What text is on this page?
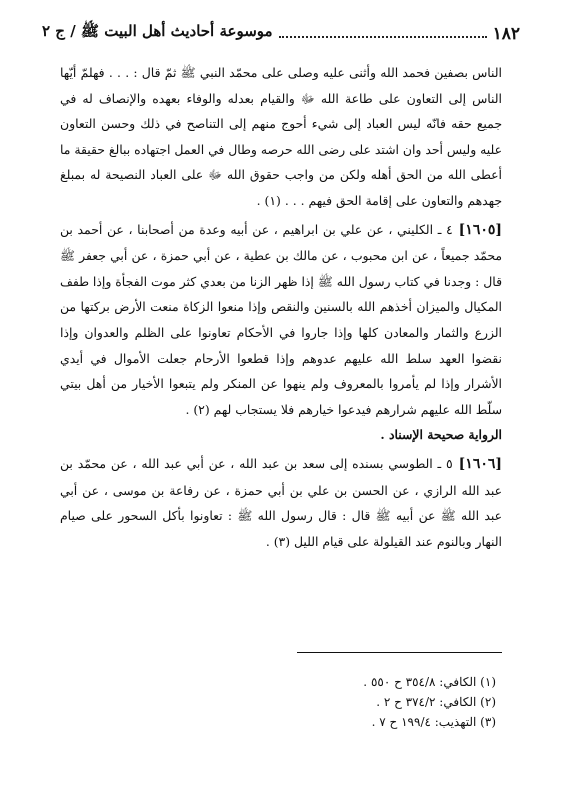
١٨٢
موسوعة أحاديث أهل البيت ﷺ / ج ٢

الناس بصفين فحمد الله وأثنى عليه وصلى على محمّد النبي ﷺ ثمّ قال : . . . فهلمّ أيّها الناس إلى التعاون على طاعة الله ﷻ والقيام بعدله والوفاء بعهده والإنصاف له في جميع حقه فانّه ليس العباد إلى شيء أحوج منهم إلى التناصح في ذلك وحسن التعاون عليه وليس أحد وان اشتد على رضى الله حرصه وطال في العمل اجتهاده ببالغ حقيقة ما أعطى الله من الحق أهله ولكن من واجب حقوق الله ﷻ على العباد النصيحة له بمبلغ جهدهم والتعاون على إقامة الحق فيهم . . . (١) .

[١٦٠٥]٤ ـ الكليني ، عن علي بن ابراهيم ، عن أبيه وعدة من أصحابنا ، عن أحمد بن محمّد جميعاً ، عن ابن محبوب ، عن مالك بن عطية ، عن أبي حمزة ، عن أبي جعفر ﷺ قال : وجدنا في كتاب رسول الله ﷺ إذا ظهر الزنا من بعدي كثر موت الفجأة وإذا طفف المكيال والميزان أخذهم الله بالسنين والنقص وإذا منعوا الزكاة منعت الأرض بركتها من الزرع والثمار والمعادن كلها وإذا جاروا في الأحكام تعاونوا على الظلم والعدوان وإذا نقضوا العهد سلط الله عليهم عدوهم وإذا قطعوا الأرحام جعلت الأموال في أيدي الأشرار وإذا لم يأمروا بالمعروف ولم ينهوا عن المنكر ولم يتبعوا الأخيار من أهل بيتي سلّط الله عليهم شرارهم فيدعوا خيارهم فلا يستجاب لهم (٢) .

الرواية صحيحة الإسناد .

[١٦٠٦]٥ ـ الطوسي بسنده إلى سعد بن عبد الله ، عن أبي عبد الله ، عن محمّد بن عبد الله الرازي ، عن الحسن بن علي بن أبي حمزة ، عن رفاعة بن موسى ، عن أبي عبد الله ﷺ عن أبيه ﷺ قال : قال رسول الله ﷺ : تعاونوا بأكل السحور على صيام النهار وبالنوم عند القيلولة على قيام الليل (٣) .

(١) الكافي: ٣٥٤/٨ ح ٥٥٠ .

(٢) الكافي: ٣٧٤/٢ ح ٢ .

(٣) التهذيب: ١٩٩/٤ ح ٧ .
